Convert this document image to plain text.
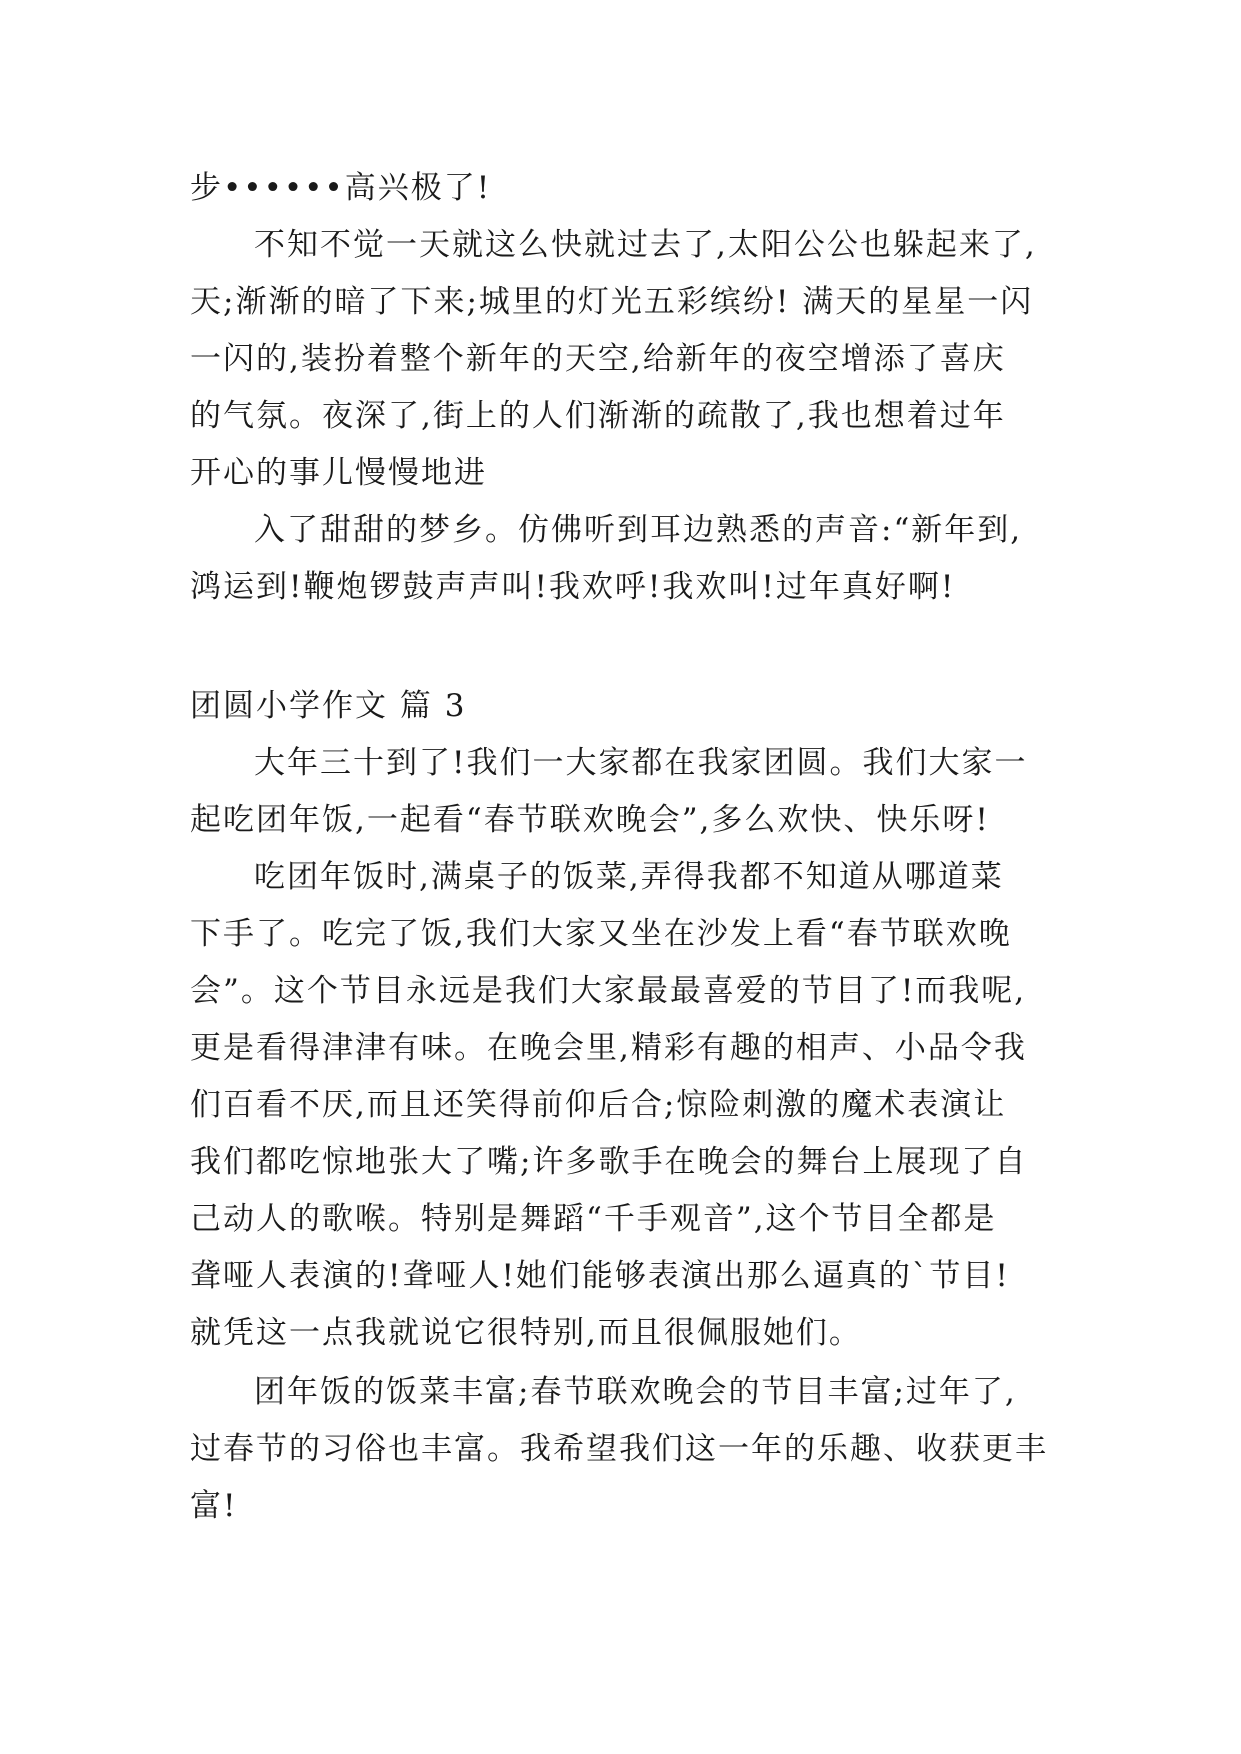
步••••••高兴极了!
不知不觉一天就这么快就过去了,太阳公公也躲起来了,
天;渐渐的暗了下来;城里的灯光五彩缤纷! 满天的星星一闪
一闪的,装扮着整个新年的天空,给新年的夜空增添了喜庆
的气氛。夜深了,街上的人们渐渐的疏散了,我也想着过年
开心的事儿慢慢地进
入了甜甜的梦乡。仿佛听到耳边熟悉的声音:“新年到,
鸿运到!鞭炮锣鼓声声叫!我欢呼!我欢叫!过年真好啊!
团圆小学作文 篇 3
大年三十到了!我们一大家都在我家团圆。我们大家一
起吃团年饭,一起看“春节联欢晚会”,多么欢快、快乐呀!
吃团年饭时,满桌子的饭菜,弄得我都不知道从哪道菜
下手了。吃完了饭,我们大家又坐在沙发上看“春节联欢晚
会”。这个节目永远是我们大家最最喜爱的节目了!而我呢,
更是看得津津有味。在晚会里,精彩有趣的相声、小品令我
们百看不厌,而且还笑得前仰后合;惊险刺激的魔术表演让
我们都吃惊地张大了嘴;许多歌手在晚会的舞台上展现了自
己动人的歌喉。特别是舞蹈“千手观音”,这个节目全都是
聋哑人表演的!聋哑人!她们能够表演出那么逼真的`节目!
就凭这一点我就说它很特别,而且很佩服她们。
团年饭的饭菜丰富;春节联欢晚会的节目丰富;过年了,
过春节的习俗也丰富。我希望我们这一年的乐趣、收获更丰
富!
